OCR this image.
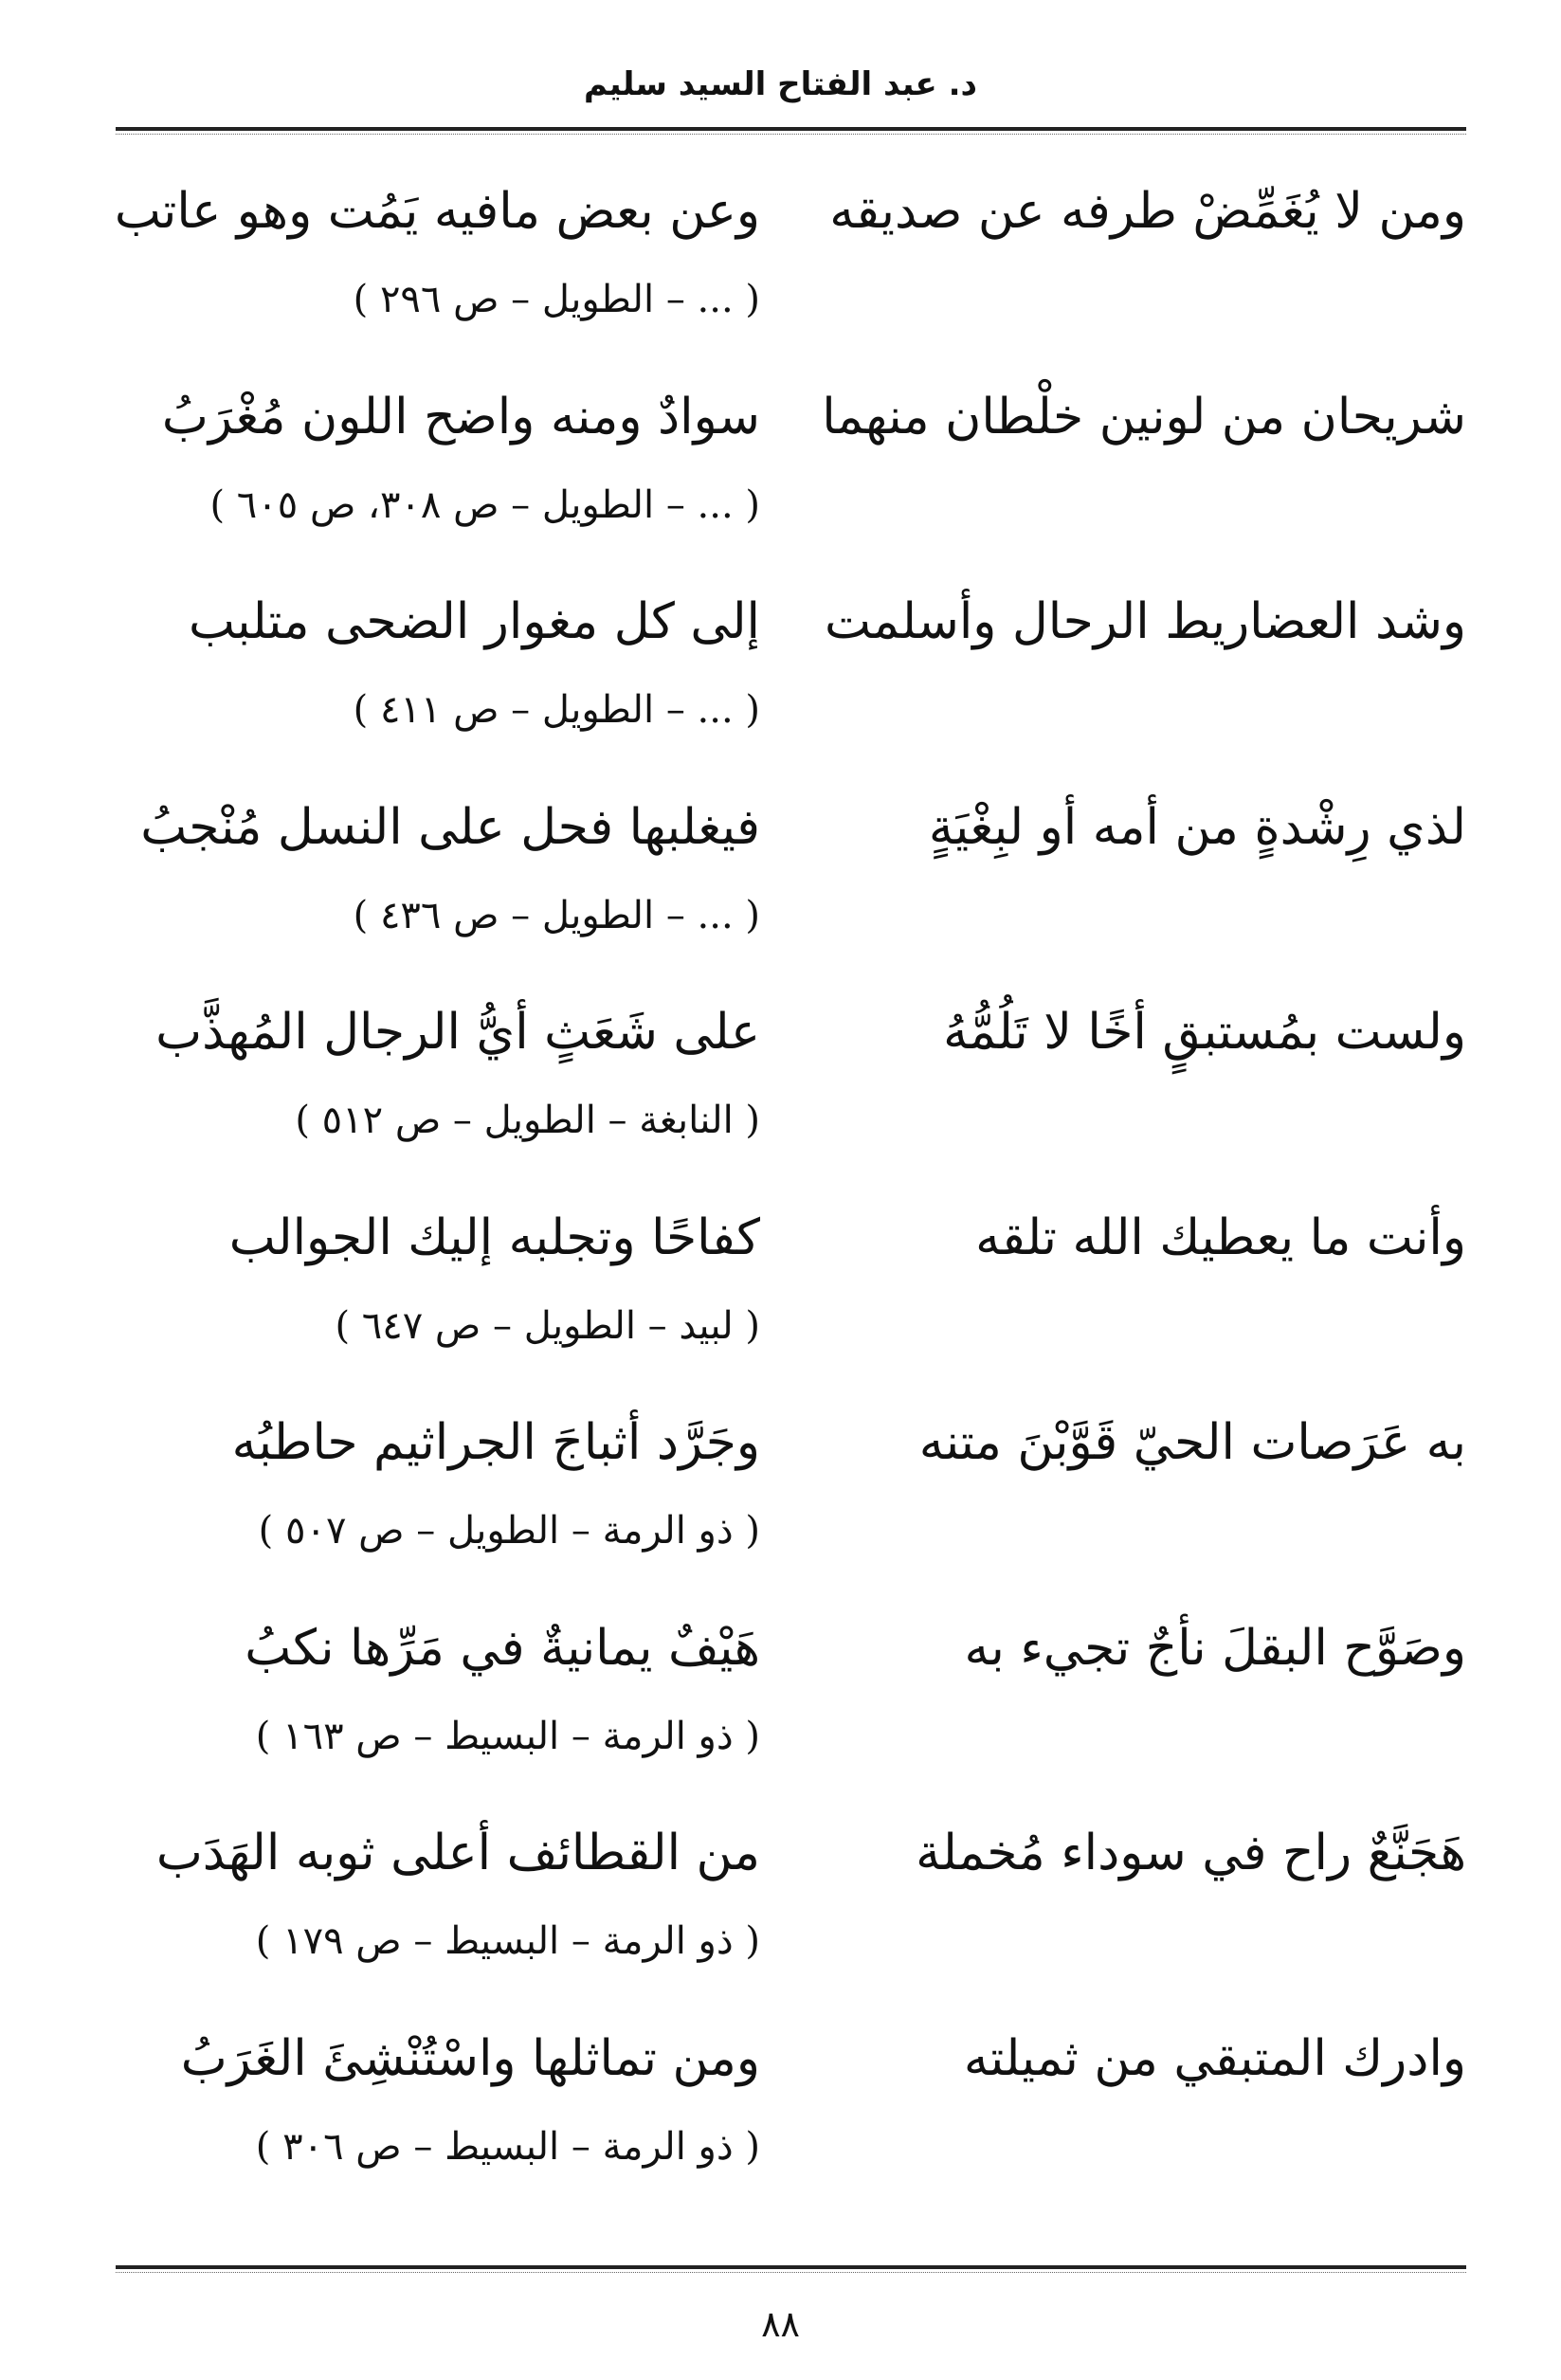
د. عبد الفتاح السيد سليم
ومن لا يُغَمِّضْ طرفه عن صديقه
وعن بعض مافيه يَمُت وهو عاتب
( ... – الطويل – ص ٢٩٦ )
شريحان من لونين خلْطان منهما
سوادٌ ومنه واضح اللون مُغْرَبُ
( ... – الطويل – ص ٣٠٨، ص ٦٠٥ )
وشد العضاريط الرحال وأسلمت
إلى كل مغوار الضحى متلبب
( ... – الطويل – ص ٤١١ )
لذي رِشْدةٍ من أمه أو لبِغْيَةٍ
فيغلبها فحل على النسل مُنْجبُ
( ... – الطويل – ص ٤٣٦ )
ولست بمُستبقٍ أخًا لا تَلُمُّهُ
على شَعَثٍ أيُّ الرجال المُهذَّب
( النابغة – الطويل – ص ٥١٢ )
وأنت ما يعطيك الله تلقه
كفاحًا وتجلبه إليك الجوالب
( لبيد – الطويل – ص ٦٤٧ )
به عَرَصات الحيّ قَوَّبْنَ متنه
وجَرَّد أثباجَ الجراثيم حاطبُه
( ذو الرمة – الطويل – ص ٥٠٧ )
وصَوَّح البقلَ نأجٌ تجيء به
هَيْفٌ يمانيةٌ في مَرِّها نكبُ
( ذو الرمة – البسيط – ص ١٦٣ )
هَجَنَّعٌ راح في سوداء مُخملة
من القطائف أعلى ثوبه الهَدَب
( ذو الرمة – البسيط – ص ١٧٩ )
وادرك المتبقي من ثميلته
ومن تماثلها واسْتُنْشِئَ الغَرَبُ
( ذو الرمة – البسيط – ص ٣٠٦ )
٨٨
